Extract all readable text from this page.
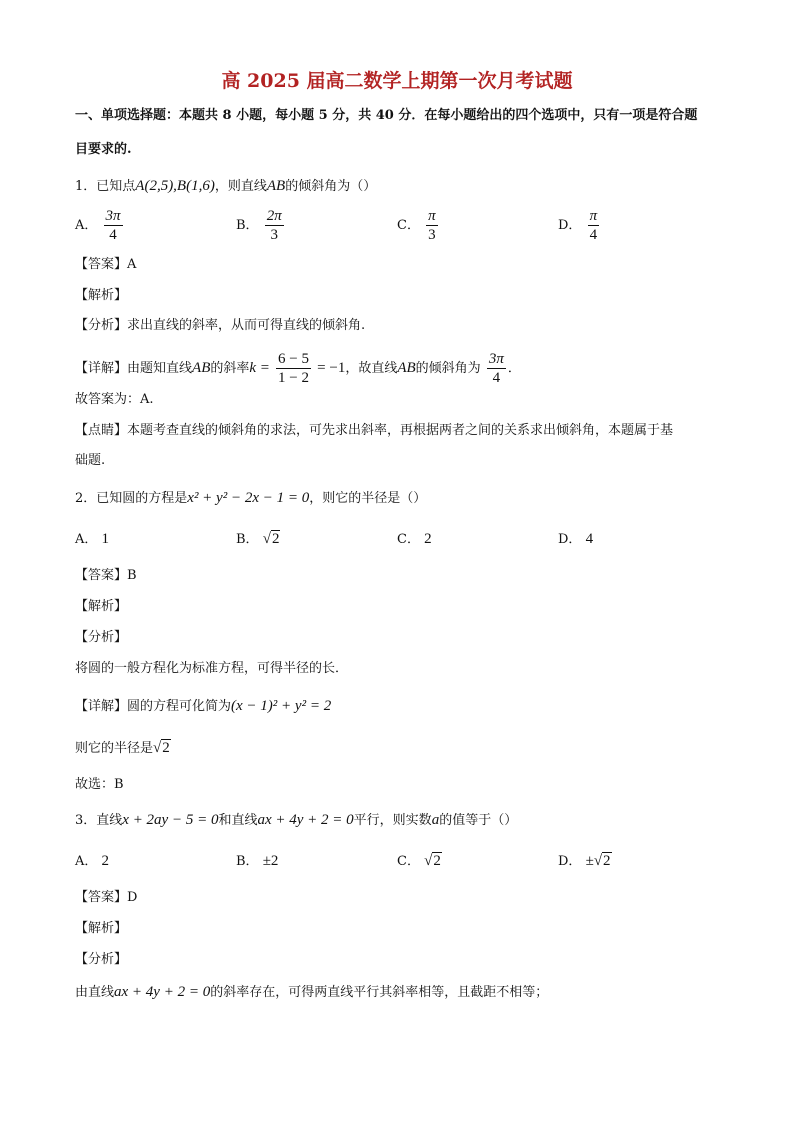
高 2025 届高二数学上期第一次月考试题
一、单项选择题：本题共 8 小题，每小题 5 分，共 40 分．在每小题给出的四个选项中，只有一项是符合题
目要求的.
1．已知点A(2,5),B(1,6)，则直线AB的倾斜角为（）
A． $\frac{3\pi}{4}$	B． $\frac{2\pi}{3}$	C． $\frac{\pi}{3}$	D． $\frac{\pi}{4}$
【答案】A
【解析】
【分析】求出直线的斜率，从而可得直线的倾斜角.
【详解】由题知直线AB的斜率$k = \frac{6 - 5}{1 - 2} = -1$，故直线AB的倾斜角为 $\frac{3\pi}{4}$ ．
故答案为：A.
【点睛】本题考查直线的倾斜角的求法，可先求出斜率，再根据两者之间的关系求出倾斜角，本题属于基
础题.
2．已知圆的方程是x² + y² − 2x − 1 = 0，则它的半径是（）
A． 1	B． √2	C． 2	D． 4
【答案】B
【解析】
【分析】
将圆的一般方程化为标准方程，可得半径的长．
【详解】圆的方程可化简为(x − 1)² + y² = 2
则它的半径是√2
故选：B
3．直线x + 2ay − 5 = 0和直线ax + 4y + 2 = 0平行，则实数a的值等于（）
A． 2	B． ±2	C． √2	D． ±√2
【答案】D
【解析】
【分析】
由直线ax + 4y + 2 = 0的斜率存在，可得两直线平行其斜率相等，且截距不相等；
